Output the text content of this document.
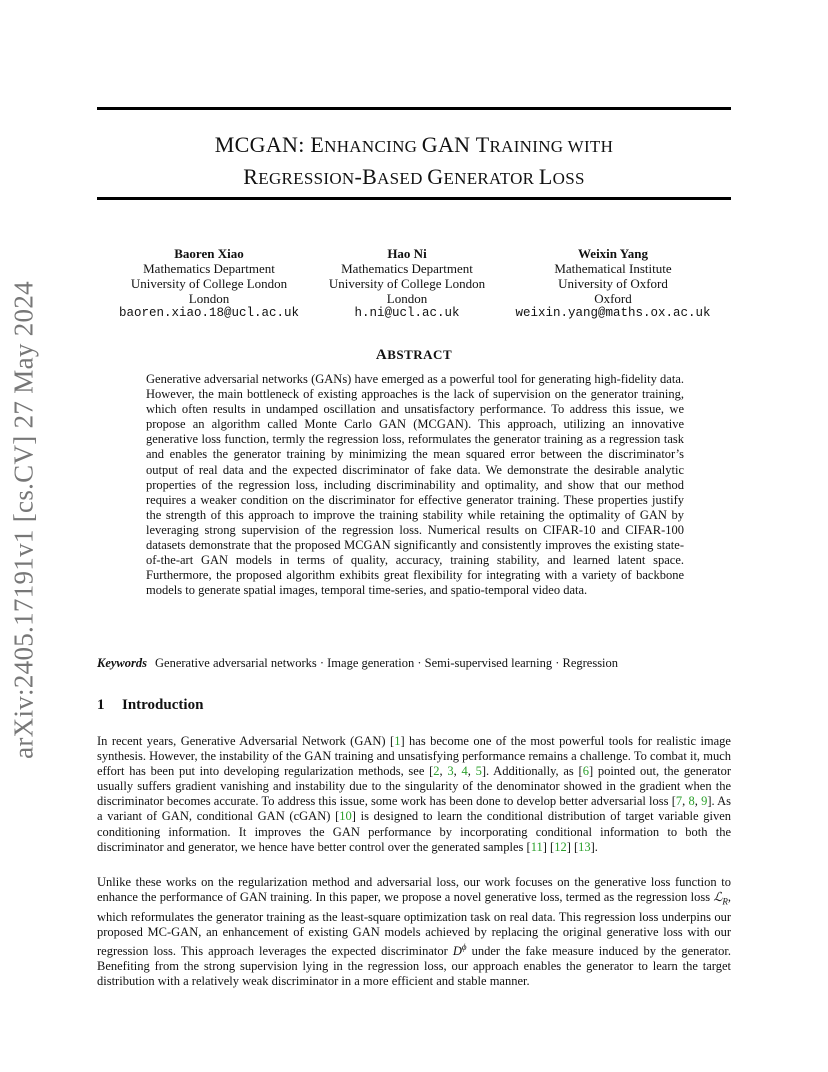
arXiv:2405.17191v1 [cs.CV] 27 May 2024
MCGAN: ENHANCING GAN TRAINING WITH
REGRESSION-BASED GENERATOR LOSS
Baoren Xiao
Mathematics Department
University of College London
London
baoren.xiao.18@ucl.ac.uk
Hao Ni
Mathematics Department
University of College London
London
h.ni@ucl.ac.uk
Weixin Yang
Mathematical Institute
University of Oxford
Oxford
weixin.yang@maths.ox.ac.uk
ABSTRACT
Generative adversarial networks (GANs) have emerged as a powerful tool for generating high-fidelity data. However, the main bottleneck of existing approaches is the lack of supervision on the generator training, which often results in undamped oscillation and unsatisfactory performance. To address this issue, we propose an algorithm called Monte Carlo GAN (MCGAN). This approach, utilizing an innovative generative loss function, termly the regression loss, reformulates the generator training as a regression task and enables the generator training by minimizing the mean squared error between the discriminator’s output of real data and the expected discriminator of fake data. We demonstrate the desirable analytic properties of the regression loss, including discriminability and optimality, and show that our method requires a weaker condition on the discriminator for effective generator training. These properties justify the strength of this approach to improve the training stability while retaining the optimality of GAN by leveraging strong supervision of the regression loss. Numerical results on CIFAR-10 and CIFAR-100 datasets demonstrate that the proposed MCGAN significantly and consistently improves the existing state-of-the-art GAN models in terms of quality, accuracy, training stability, and learned latent space. Furthermore, the proposed algorithm exhibits great flexibility for integrating with a variety of backbone models to generate spatial images, temporal time-series, and spatio-temporal video data.
Keywords Generative adversarial networks · Image generation · Semi-supervised learning · Regression
1 Introduction
In recent years, Generative Adversarial Network (GAN) [1] has become one of the most powerful tools for realistic image synthesis. However, the instability of the GAN training and unsatisfying performance remains a challenge. To combat it, much effort has been put into developing regularization methods, see [2, 3, 4, 5]. Additionally, as [6] pointed out, the generator usually suffers gradient vanishing and instability due to the singularity of the denominator showed in the gradient when the discriminator becomes accurate. To address this issue, some work has been done to develop better adversarial loss [7, 8, 9]. As a variant of GAN, conditional GAN (cGAN) [10] is designed to learn the conditional distribution of target variable given conditioning information. It improves the GAN performance by incorporating conditional information to both the discriminator and generator, we hence have better control over the generated samples [11] [12] [13].
Unlike these works on the regularization method and adversarial loss, our work focuses on the generative loss function to enhance the performance of GAN training. In this paper, we propose a novel generative loss, termed as the regression loss ℒ$_R$, which reformulates the generator training as the least-square optimization task on real data. This regression loss underpins our proposed MC-GAN, an enhancement of existing GAN models achieved by replacing the original generative loss with our regression loss. This approach leverages the expected discriminator $D^\phi$ under the fake measure induced by the generator. Benefiting from the strong supervision lying in the regression loss, our approach enables the generator to learn the target distribution with a relatively weak discriminator in a more efficient and stable manner.
